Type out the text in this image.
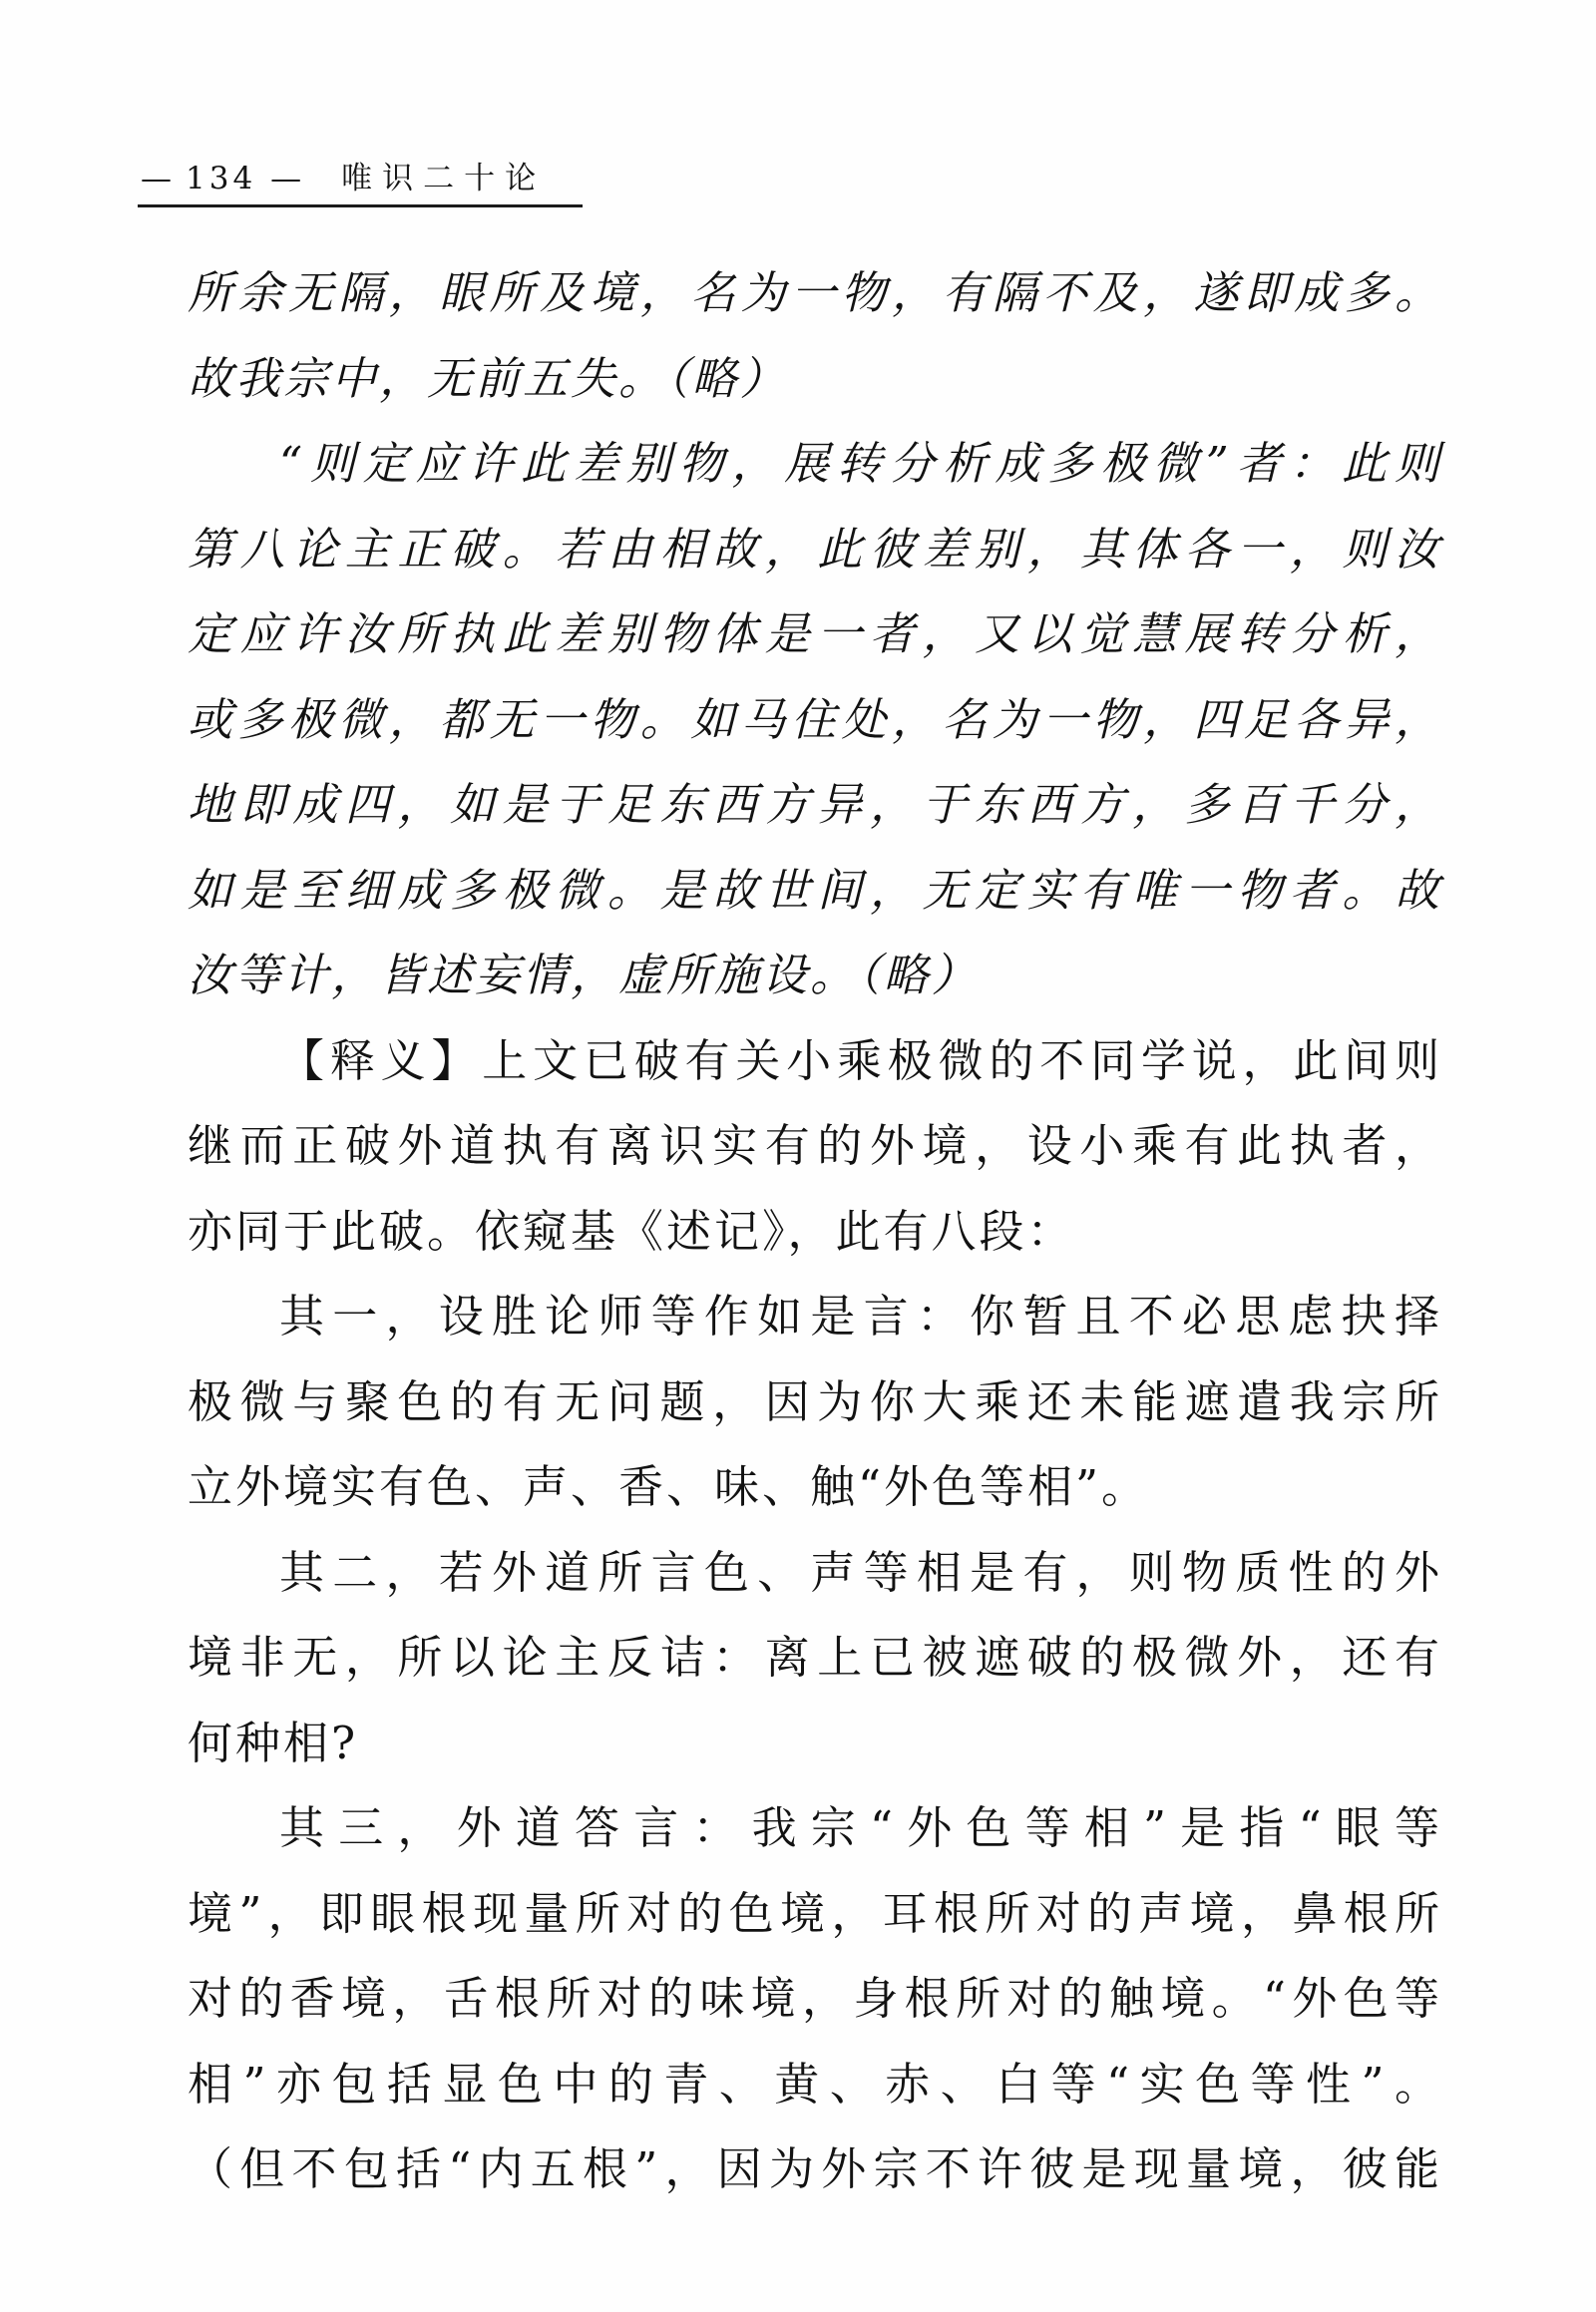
— 134 — 唯识二十论
所余无隔，眼所及境，名为一物，有隔不及，遂即成多。
故我宗中，无前五失。（略）
“则定应许此差别物，展转分析成多极微”者：此则
第八论主正破。若由相故，此彼差别，其体各一，则汝
定应许汝所执此差别物体是一者，又以觉慧展转分析，
或多极微，都无一物。如马住处，名为一物，四足各异，
地即成四，如是于足东西方异，于东西方，多百千分，
如是至细成多极微。是故世间，无定实有唯一物者。故
汝等计，皆述妄情，虚所施设。（略）
【释义】上文已破有关小乘极微的不同学说，此间则
继而正破外道执有离识实有的外境，设小乘有此执者，
亦同于此破。依窥基《述记》，此有八段：
其一，设胜论师等作如是言：你暂且不必思虑抉择
极微与聚色的有无问题，因为你大乘还未能遮遣我宗所
立外境实有色、声、香、味、触“外色等相”。
其二，若外道所言色、声等相是有，则物质性的外
境非无，所以论主反诘：离上已被遮破的极微外，还有
何种相?
其三，外道答言：我宗“外色等相”是指“眼等
境”，即眼根现量所对的色境，耳根所对的声境，鼻根所
对的香境，舌根所对的味境，身根所对的触境。“外色等
相”亦包括显色中的青、黄、赤、白等“实色等性”。
（但不包括“内五根”，因为外宗不许彼是现量境，彼能
